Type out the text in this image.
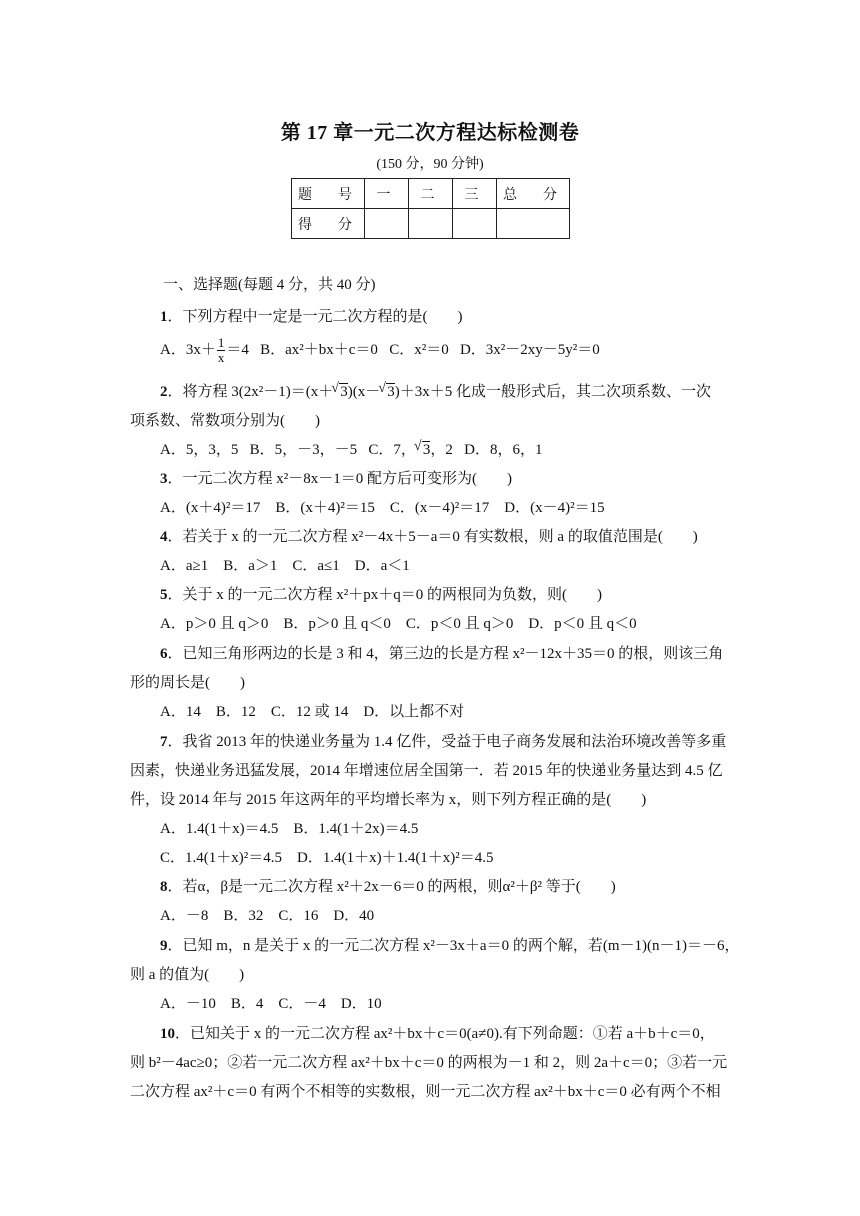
第 17 章一元二次方程达标检测卷
(150 分，90 分钟)
题　号	一	二	三	总　分
得　分				
一、选择题(每题 4 分，共 40 分)
1．下列方程中一定是一元二次方程的是(　　)
A．$3x+ \frac{1}{x} =4$ B．ax²＋bx＋c＝0 C．x²＝0 D．3x²－2xy－5y²＝0
2．将方程 3(2x²－1)＝(x＋ √ 3)(x－ √ 3)＋3x＋5 化成一般形式后，其二次项系数、一次
项系数、常数项分别为(　　)
A．5，3，5 B．5，－3，－5 C．7， √ 3，2 D．8，6，1
3．一元二次方程 x²－8x－1＝0 配方后可变形为(　　)
A．(x＋4)²＝17　B．(x＋4)²＝15　C．(x－4)²＝17　D．(x－4)²＝15
4．若关于 x 的一元二次方程 x²－4x＋5－a＝0 有实数根，则 a 的取值范围是(　　)
A．a≥1　B．a＞1　C．a≤1　D．a＜1
5．关于 x 的一元二次方程 x²＋px＋q＝0 的两根同为负数，则(　　)
A．p＞0 且 q＞0　B．p＞0 且 q＜0　C．p＜0 且 q＞0　D．p＜0 且 q＜0
6．已知三角形两边的长是 3 和 4，第三边的长是方程 x²－12x＋35＝0 的根，则该三角
形的周长是(　　)
A．14　B．12　C．12 或 14　D．以上都不对
7．我省 2013 年的快递业务量为 1.4 亿件，受益于电子商务发展和法治环境改善等多重
因素，快递业务迅猛发展，2014 年增速位居全国第一．若 2015 年的快递业务量达到 4.5 亿
件，设 2014 年与 2015 年这两年的平均增长率为 x，则下列方程正确的是(　　)
A．1.4(1＋x)＝4.5　B．1.4(1＋2x)＝4.5
C．1.4(1＋x)²＝4.5　D．1.4(1＋x)＋1.4(1＋x)²＝4.5
8．若α，β是一元二次方程 x²＋2x－6＝0 的两根，则α²＋β² 等于(　　)
A．－8　B．32　C．16　D．40
9．已知 m，n 是关于 x 的一元二次方程 x²－3x＋a＝0 的两个解，若(m－1)(n－1)＝－6，
则 a 的值为(　　)
A．－10　B．4　C．－4　D．10
10．已知关于 x 的一元二次方程 ax²＋bx＋c＝0(a≠0).有下列命题：①若 a＋b＋c＝0，
则 b²－4ac≥0；②若一元二次方程 ax²＋bx＋c＝0 的两根为－1 和 2，则 2a＋c＝0；③若一元
二次方程 ax²＋c＝0 有两个不相等的实数根，则一元二次方程 ax²＋bx＋c＝0 必有两个不相
